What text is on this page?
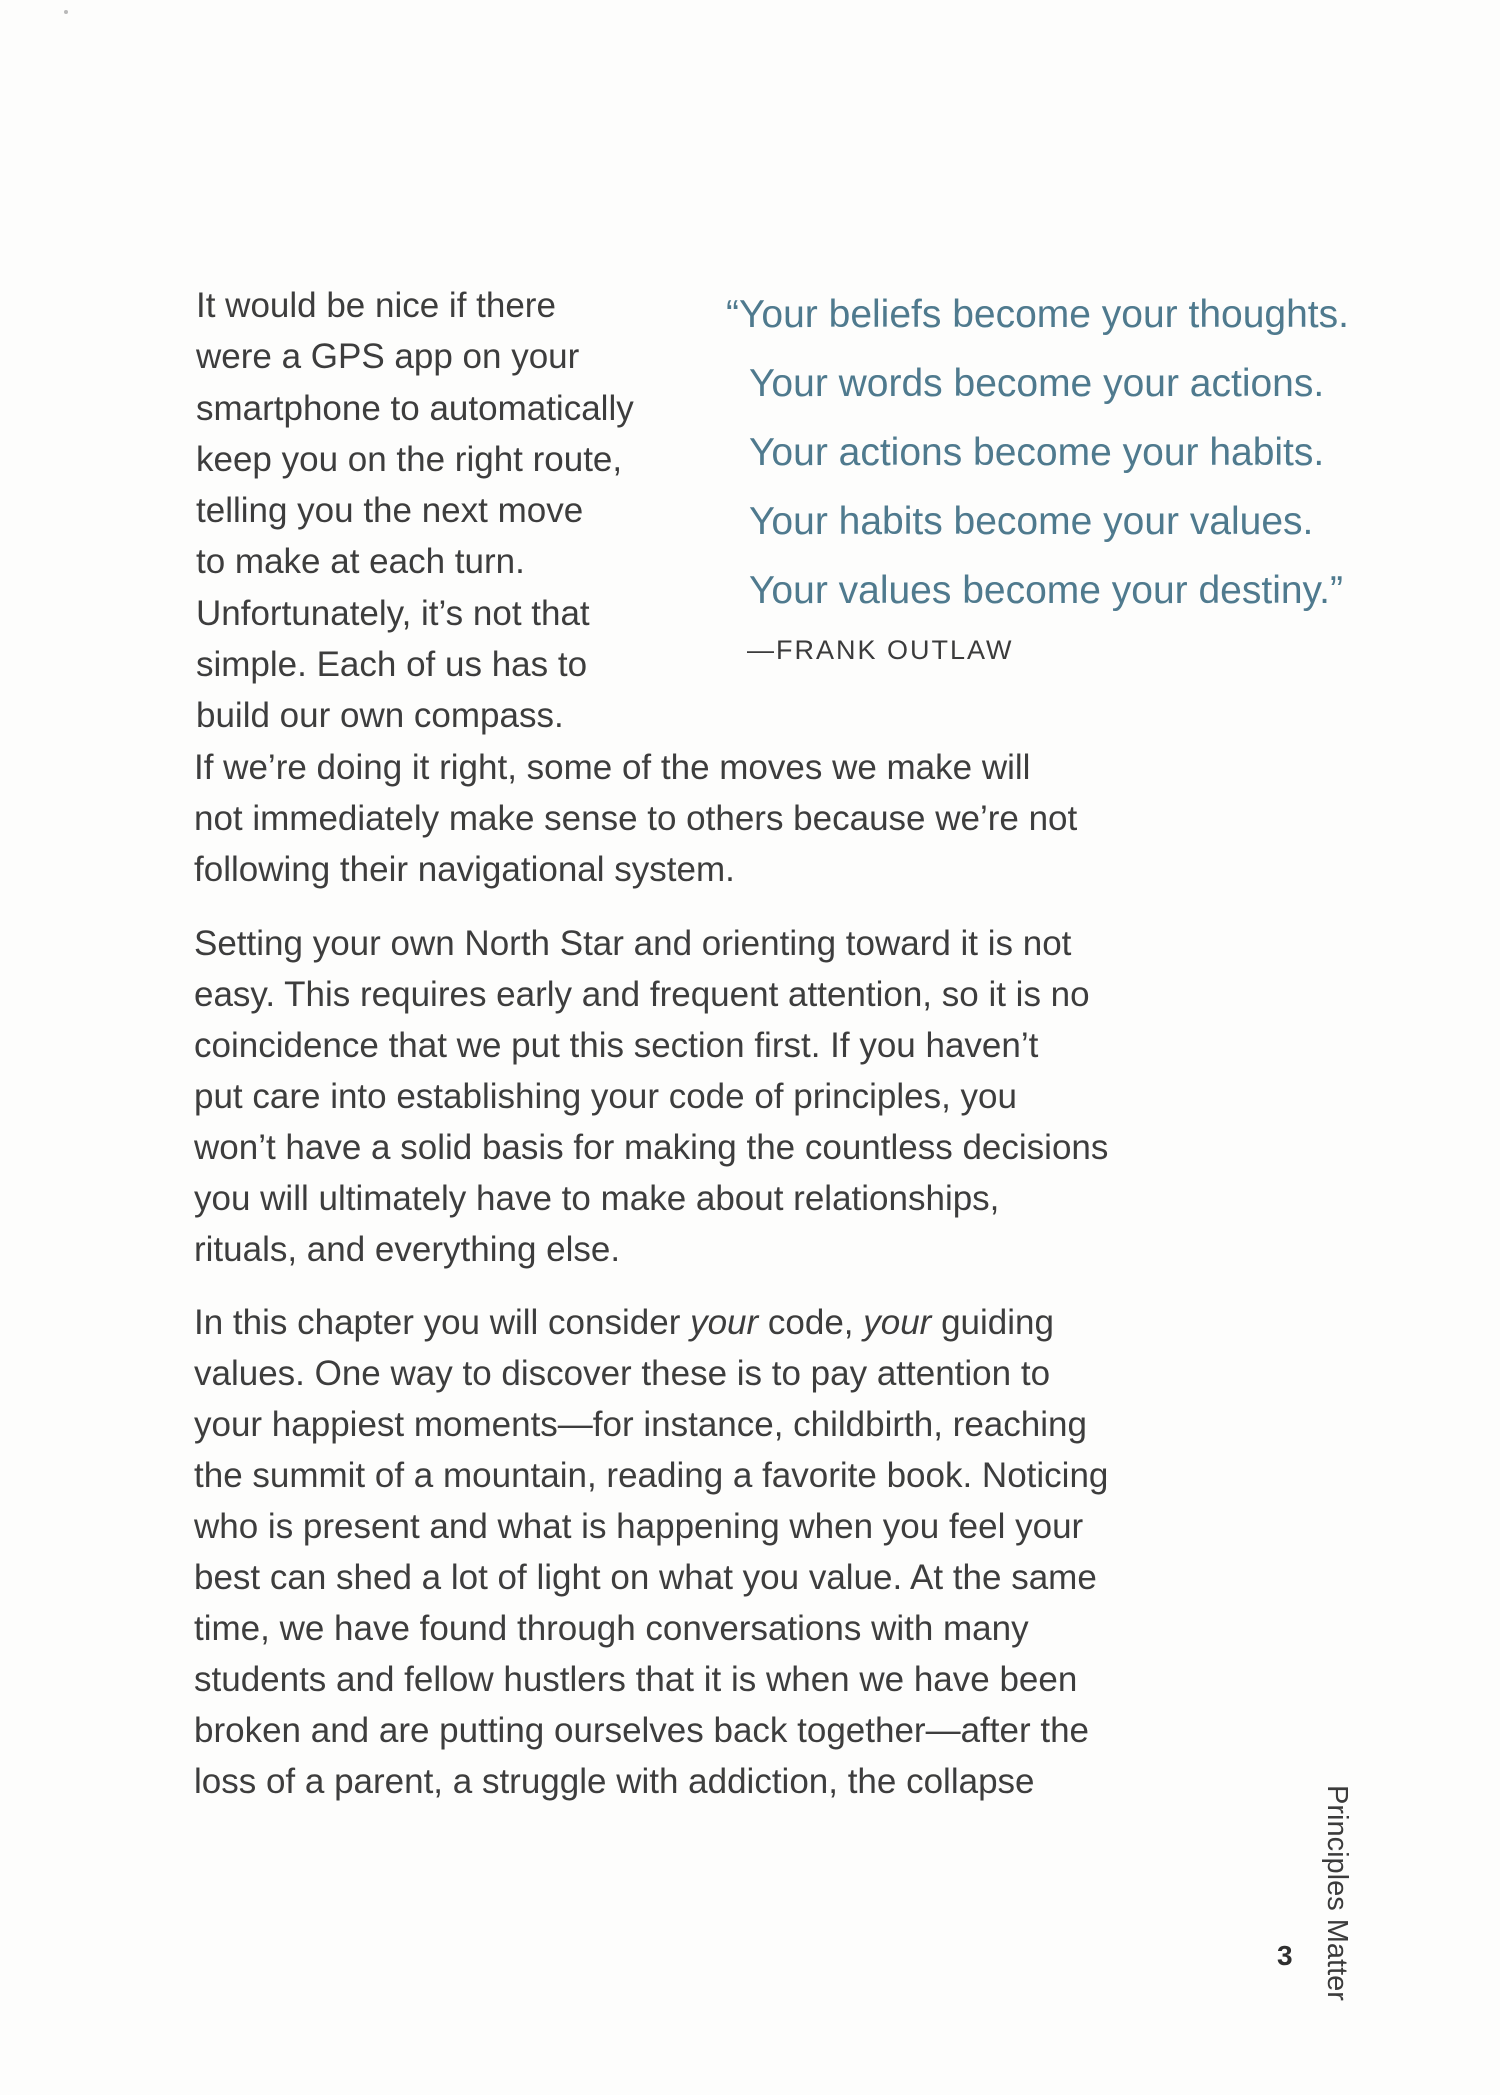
It would be nice if there
were a GPS app on your
smartphone to automatically
keep you on the right route,
telling you the next move
to make at each turn.
Unfortunately, it’s not that
simple. Each of us has to
build our own compass.
“Your beliefs become your thoughts.
Your words become your actions.
Your actions become your habits.
Your habits become your values.
Your values become your destiny.”
—FRANK OUTLAW
If we’re doing it right, some of the moves we make will
not immediately make sense to others because we’re not
following their navigational system.
Setting your own North Star and orienting toward it is not
easy. This requires early and frequent attention, so it is no
coincidence that we put this section first. If you haven’t
put care into establishing your code of principles, you
won’t have a solid basis for making the countless decisions
you will ultimately have to make about relationships,
rituals, and everything else.
In this chapter you will consider your code, your guiding
values. One way to discover these is to pay attention to
your happiest moments—for instance, childbirth, reaching
the summit of a mountain, reading a favorite book. Noticing
who is present and what is happening when you feel your
best can shed a lot of light on what you value. At the same
time, we have found through conversations with many
students and fellow hustlers that it is when we have been
broken and are putting ourselves back together—after the
loss of a parent, a struggle with addiction, the collapse
Principles Matter
3
